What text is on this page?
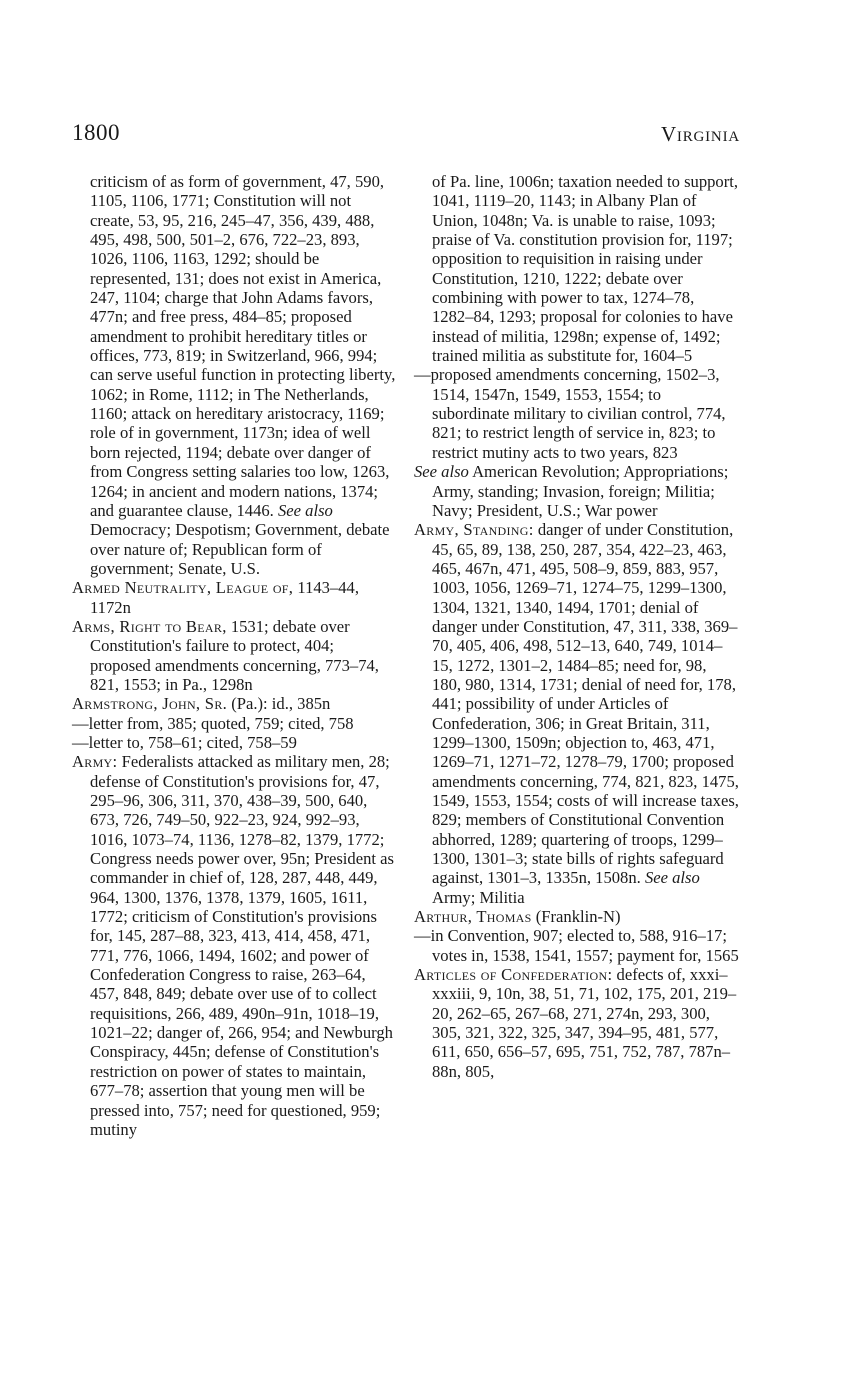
1800	Virginia

criticism of as form of government, 47, 590, 1105, 1106, 1771; Constitution will not create, 53, 95, 216, 245–47, 356, 439, 488, 495, 498, 500, 501–2, 676, 722–23, 893, 1026, 1106, 1163, 1292; should be represented, 131; does not exist in America, 247, 1104; charge that John Adams favors, 477n; and free press, 484–85; proposed amendment to prohibit hereditary titles or offices, 773, 819; in Switzerland, 966, 994; can serve useful function in protecting liberty, 1062; in Rome, 1112; in The Netherlands, 1160; attack on hereditary aristocracy, 1169; role of in government, 1173n; idea of well born rejected, 1194; debate over danger of from Congress setting salaries too low, 1263, 1264; in ancient and modern nations, 1374; and guarantee clause, 1446. See also Democracy; Despotism; Government, debate over nature of; Republican form of government; Senate, U.S.

Armed Neutrality, League of, 1143–44, 1172n

Arms, Right to Bear, 1531; debate over Constitution's failure to protect, 404; proposed amendments concerning, 773–74, 821, 1553; in Pa., 1298n

Armstrong, John, Sr. (Pa.): id., 385n

—letter from, 385; quoted, 759; cited, 758

—letter to, 758–61; cited, 758–59

Army: Federalists attacked as military men, 28; defense of Constitution's provisions for, 47, 295–96, 306, 311, 370, 438–39, 500, 640, 673, 726, 749–50, 922–23, 924, 992–93, 1016, 1073–74, 1136, 1278–82, 1379, 1772; Congress needs power over, 95n; President as commander in chief of, 128, 287, 448, 449, 964, 1300, 1376, 1378, 1379, 1605, 1611, 1772; criticism of Constitution's provisions for, 145, 287–88, 323, 413, 414, 458, 471, 771, 776, 1066, 1494, 1602; and power of Confederation Congress to raise, 263–64, 457, 848, 849; debate over use of to collect requisitions, 266, 489, 490n–91n, 1018–19, 1021–22; danger of, 266, 954; and Newburgh Conspiracy, 445n; defense of Constitution's restriction on power of states to maintain, 677–78; assertion that young men will be pressed into, 757; need for questioned, 959; mutiny

of Pa. line, 1006n; taxation needed to support, 1041, 1119–20, 1143; in Albany Plan of Union, 1048n; Va. is unable to raise, 1093; praise of Va. constitution provision for, 1197; opposition to requisition in raising under Constitution, 1210, 1222; debate over combining with power to tax, 1274–78, 1282–84, 1293; proposal for colonies to have instead of militia, 1298n; expense of, 1492; trained militia as substitute for, 1604–5

—proposed amendments concerning, 1502–3, 1514, 1547n, 1549, 1553, 1554; to subordinate military to civilian control, 774, 821; to restrict length of service in, 823; to restrict mutiny acts to two years, 823

See also American Revolution; Appropriations; Army, standing; Invasion, foreign; Militia; Navy; President, U.S.; War power

Army, Standing: danger of under Constitution, 45, 65, 89, 138, 250, 287, 354, 422–23, 463, 465, 467n, 471, 495, 508–9, 859, 883, 957, 1003, 1056, 1269–71, 1274–75, 1299–1300, 1304, 1321, 1340, 1494, 1701; denial of danger under Constitution, 47, 311, 338, 369–70, 405, 406, 498, 512–13, 640, 749, 1014–15, 1272, 1301–2, 1484–85; need for, 98, 180, 980, 1314, 1731; denial of need for, 178, 441; possibility of under Articles of Confederation, 306; in Great Britain, 311, 1299–1300, 1509n; objection to, 463, 471, 1269–71, 1271–72, 1278–79, 1700; proposed amendments concerning, 774, 821, 823, 1475, 1549, 1553, 1554; costs of will increase taxes, 829; members of Constitutional Convention abhorred, 1289; quartering of troops, 1299–1300, 1301–3; state bills of rights safeguard against, 1301–3, 1335n, 1508n. See also Army; Militia

Arthur, Thomas (Franklin-N)

—in Convention, 907; elected to, 588, 916–17; votes in, 1538, 1541, 1557; payment for, 1565

Articles of Confederation: defects of, xxxi–xxxiii, 9, 10n, 38, 51, 71, 102, 175, 201, 219–20, 262–65, 267–68, 271, 274n, 293, 300, 305, 321, 322, 325, 347, 394–95, 481, 577, 611, 650, 656–57, 695, 751, 752, 787, 787n–88n, 805,
